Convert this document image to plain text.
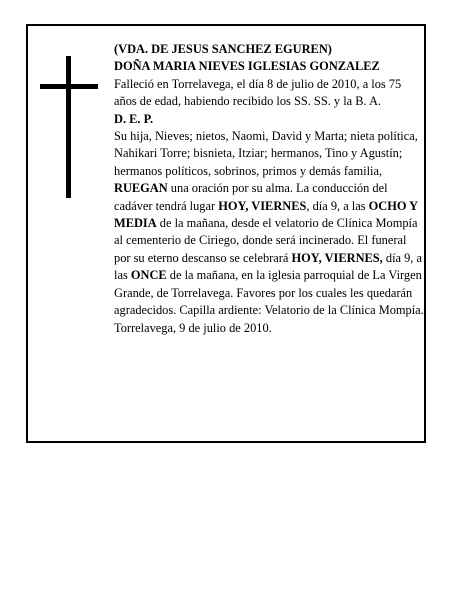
(VDA. DE JESUS SANCHEZ EGUREN)

DOÑA MARIA NIEVES IGLESIAS GONZALEZ

Falleció en Torrelavega, el día 8 de julio de 2010, a los 75 años de edad, habiendo recibido los SS. SS. y la B. A.

D. E. P.

Su hija, Nieves; nietos, Naomi, David y Marta; nieta política, Nahikari Torre; bisnieta, Itziar; hermanos, Tino y Agustín; hermanos políticos, sobrinos, primos y demás familia,

RUEGAN una oración por su alma. La conducción del cadáver tendrá lugar HOY, VIERNES, día 9, a las OCHO Y MEDIA de la mañana, desde el velatorio de Clínica Mompía al cementerio de Ciriego, donde será incinerado. El funeral por su eterno descanso se celebrará HOY, VIERNES, día 9, a las ONCE de la mañana, en la iglesia parroquial de La Virgen Grande, de Torrelavega. Favores por los cuales les quedarán agradecidos. Capilla ardiente: Velatorio de la Clínica Mompía.

Torrelavega, 9 de julio de 2010.
